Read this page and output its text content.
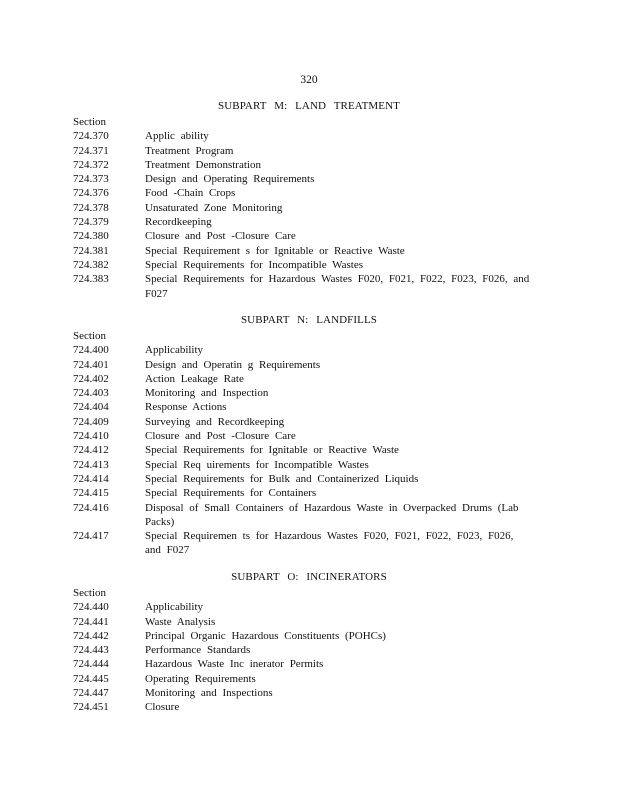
320
SUBPART M: LAND TREATMENT
Section
724.370	Applic ability
724.371	Treatment Program
724.372	Treatment Demonstration
724.373	Design and Operating Requirements
724.376	Food -Chain Crops
724.378	Unsaturated Zone Monitoring
724.379	Recordkeeping
724.380	Closure and Post -Closure Care
724.381	Special Requirement s for Ignitable or Reactive Waste
724.382	Special Requirements for Incompatible Wastes
724.383	Special Requirements for Hazardous Wastes F020, F021, F022, F023, F026, and F027
SUBPART N: LANDFILLS
Section
724.400	Applicability
724.401	Design and Operatin g Requirements
724.402	Action Leakage Rate
724.403	Monitoring and Inspection
724.404	Response Actions
724.409	Surveying and Recordkeeping
724.410	Closure and Post -Closure Care
724.412	Special Requirements for Ignitable or Reactive Waste
724.413	Special Req uirements for Incompatible Wastes
724.414	Special Requirements for Bulk and Containerized Liquids
724.415	Special Requirements for Containers
724.416	Disposal of Small Containers of Hazardous Waste in Overpacked Drums (Lab Packs)
724.417	Special Requiremen ts for Hazardous Wastes F020, F021, F022, F023, F026, and F027
SUBPART O: INCINERATORS
Section
724.440	Applicability
724.441	Waste Analysis
724.442	Principal Organic Hazardous Constituents (POHCs)
724.443	Performance Standards
724.444	Hazardous Waste Inc inerator Permits
724.445	Operating Requirements
724.447	Monitoring and Inspections
724.451	Closure
